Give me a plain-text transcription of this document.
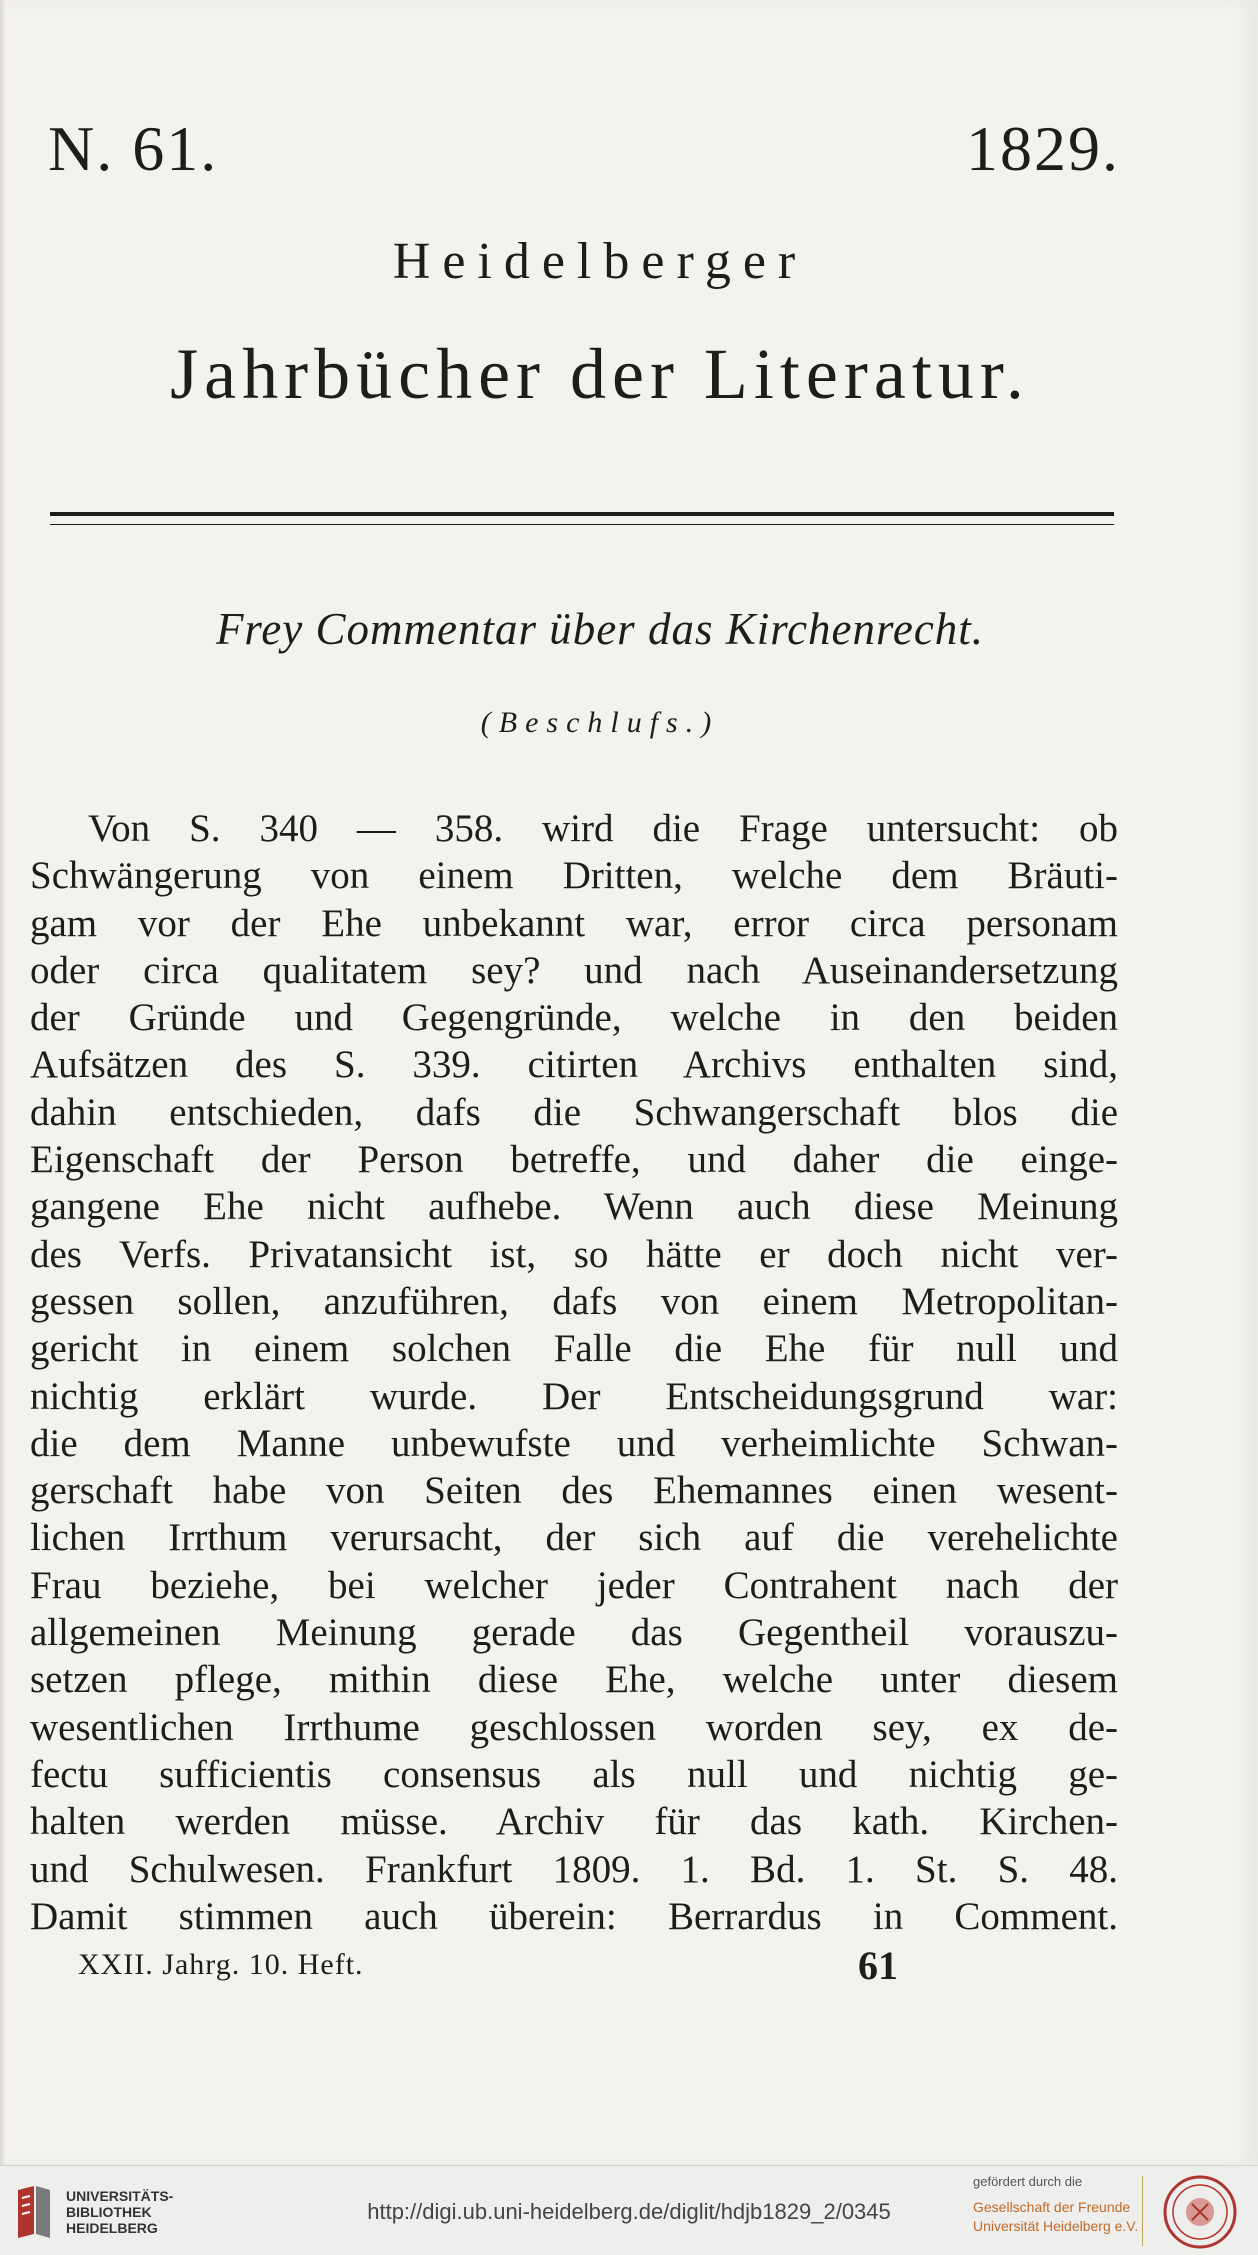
N. 61.	1829.
Heidelberger
Jahrbücher der Literatur.
Frey Commentar über das Kirchenrecht.
(Beschlufs.)
Von S. 340 — 358. wird die Frage untersucht: ob
Schwängerung von einem Dritten, welche dem Bräuti-
gam vor der Ehe unbekannt war, error circa personam
oder circa qualitatem sey? und nach Auseinandersetzung
der Gründe und Gegengründe, welche in den beiden
Aufsätzen des S. 339. citirten Archivs enthalten sind,
dahin entschieden, dafs die Schwangerschaft blos die
Eigenschaft der Person betreffe, und daher die einge-
gangene Ehe nicht aufhebe. Wenn auch diese Meinung
des Verfs. Privatansicht ist, so hätte er doch nicht ver-
gessen sollen, anzuführen, dafs von einem Metropolitan-
gericht in einem solchen Falle die Ehe für null und
nichtig erklärt wurde. Der Entscheidungsgrund war:
die dem Manne unbewufste und verheimlichte Schwan-
gerschaft habe von Seiten des Ehemannes einen wesent-
lichen Irrthum verursacht, der sich auf die verehelichte
Frau beziehe, bei welcher jeder Contrahent nach der
allgemeinen Meinung gerade das Gegentheil vorauszu-
setzen pflege, mithin diese Ehe, welche unter diesem
wesentlichen Irrthume geschlossen worden sey, ex de-
fectu sufficientis consensus als null und nichtig ge-
halten werden müsse. Archiv für das kath. Kirchen-
und Schulwesen. Frankfurt 1809. 1. Bd. 1. St. S. 48.
Damit stimmen auch überein: Berrardus in Comment.
XXII. Jahrg. 10. Heft.	61
UNIVERSITÄTS-
BIBLIOTHEK
HEIDELBERG
http://digi.ub.uni-heidelberg.de/diglit/hdjb1829_2/0345
gefördert durch die
Gesellschaft der Freunde
Universität Heidelberg e.V.
